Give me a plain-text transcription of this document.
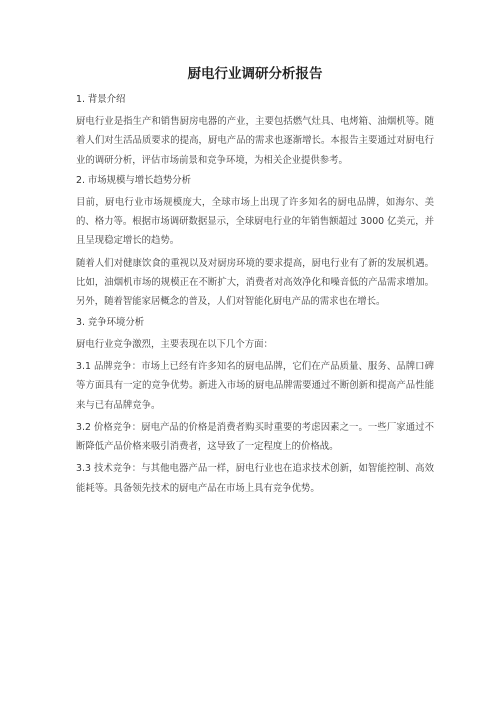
厨电行业调研分析报告
1. 背景介绍

厨电行业是指生产和销售厨房电器的产业，主要包括燃气灶具、电烤箱、油烟机等。随着人们对生活品质要求的提高，厨电产品的需求也逐渐增长。本报告主要通过对厨电行业的调研分析，评估市场前景和竞争环境，为相关企业提供参考。

2. 市场规模与增长趋势分析

目前，厨电行业市场规模庞大，全球市场上出现了许多知名的厨电品牌，如海尔、美的、格力等。根据市场调研数据显示，全球厨电行业的年销售额超过 3000 亿美元，并且呈现稳定增长的趋势。

随着人们对健康饮食的重视以及对厨房环境的要求提高，厨电行业有了新的发展机遇。比如，油烟机市场的规模正在不断扩大，消费者对高效净化和噪音低的产品需求增加。另外，随着智能家居概念的普及，人们对智能化厨电产品的需求也在增长。

3. 竞争环境分析

厨电行业竞争激烈，主要表现在以下几个方面：

3.1 品牌竞争：市场上已经有许多知名的厨电品牌，它们在产品质量、服务、品牌口碑等方面具有一定的竞争优势。新进入市场的厨电品牌需要通过不断创新和提高产品性能来与已有品牌竞争。

3.2 价格竞争：厨电产品的价格是消费者购买时重要的考虑因素之一。一些厂家通过不断降低产品价格来吸引消费者，这导致了一定程度上的价格战。

3.3 技术竞争：与其他电器产品一样，厨电行业也在追求技术创新，如智能控制、高效能耗等。具备领先技术的厨电产品在市场上具有竞争优势。
